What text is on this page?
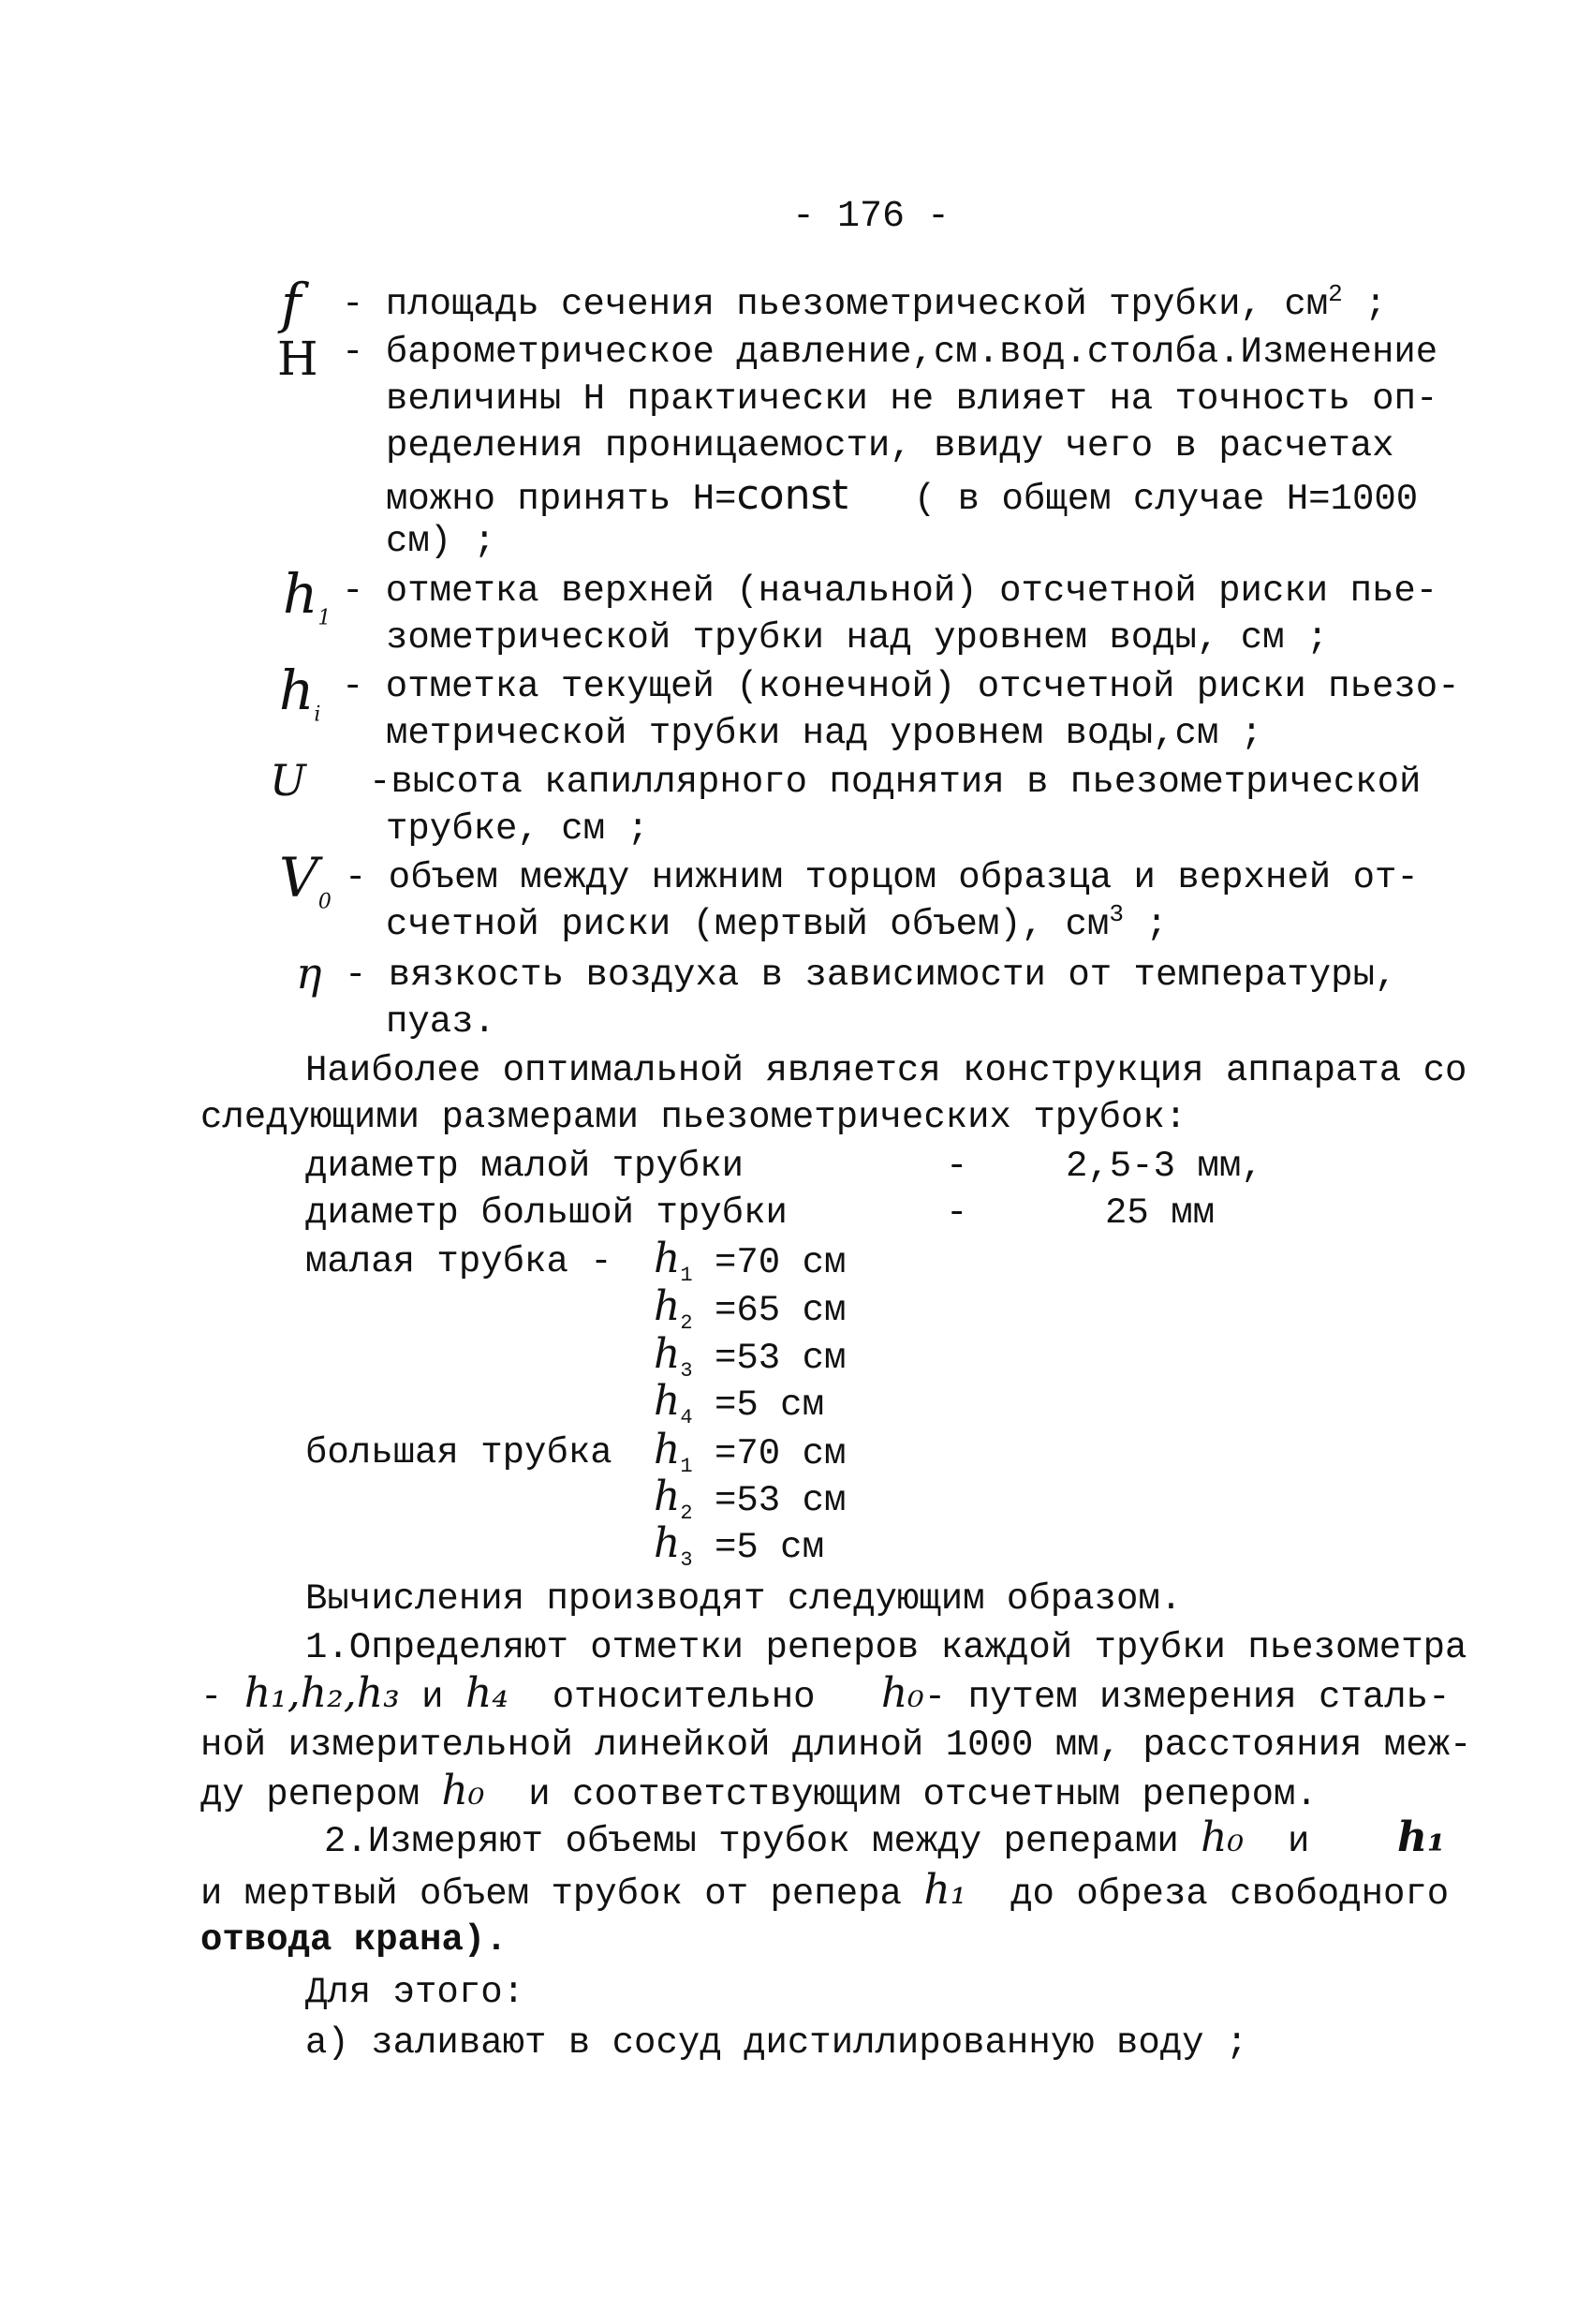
- 176 -
f - площадь сечения пьезометрической трубки, $см^2$ ;
H - барометрическое давление,см.вод.столба.Изменение
величины Н практически не влияет на точность оп-
ределения проницаемости, ввиду чего в расчетах
можно принять Н=const ( в общем случае Н=1000
см) ;
$h_1$
- отметка верхней (начальной) отсчетной риски пье-
зометрической трубки над уровнем воды, см ;
$h_i$
- отметка текущей (конечной) отсчетной риски пьезо-
метрической трубки над уровнем воды,см ;
U -высота капиллярного поднятия в пьезометрической
трубке, см ;
$V_0$
- объем между нижним торцом образца и верхней от-
счетной риски (мертвый объем), $см^3$ ;
η - вязкость воздуха в зависимости от температуры,
пуаз.
Наиболее оптимальной является конструкция аппарата со
следующими размерами пьезометрических трубок:
диаметр малой трубки	-	2,5-3 мм,
диаметр большой трубки	-	25 мм
малая трубка - $h_1 =70$ см
$h_2 =65$ см
$h_3 =53$ см
$h_4 =5$ см
большая трубка $h_1 =70$ см
$h_2 =53$ см
$h_3 =5$ см
Вычисления производят следующим образом.
1.Определяют отметки реперов каждой трубки пьезометра
- h₁,h₂,h₃ и h₄ относительно h₀- путем измерения сталь-
ной измерительной линейкой длиной 1000 мм, расстояния меж-
ду репером h₀ и соответствующим отсчетным репером.
2.Измеряют объемы трубок между реперами h₀ и h₁
и мертвый объем трубок от репера h₁ до обреза свободного
отвода крана).
Для этого:
а) заливают в сосуд дистиллированную воду ;
